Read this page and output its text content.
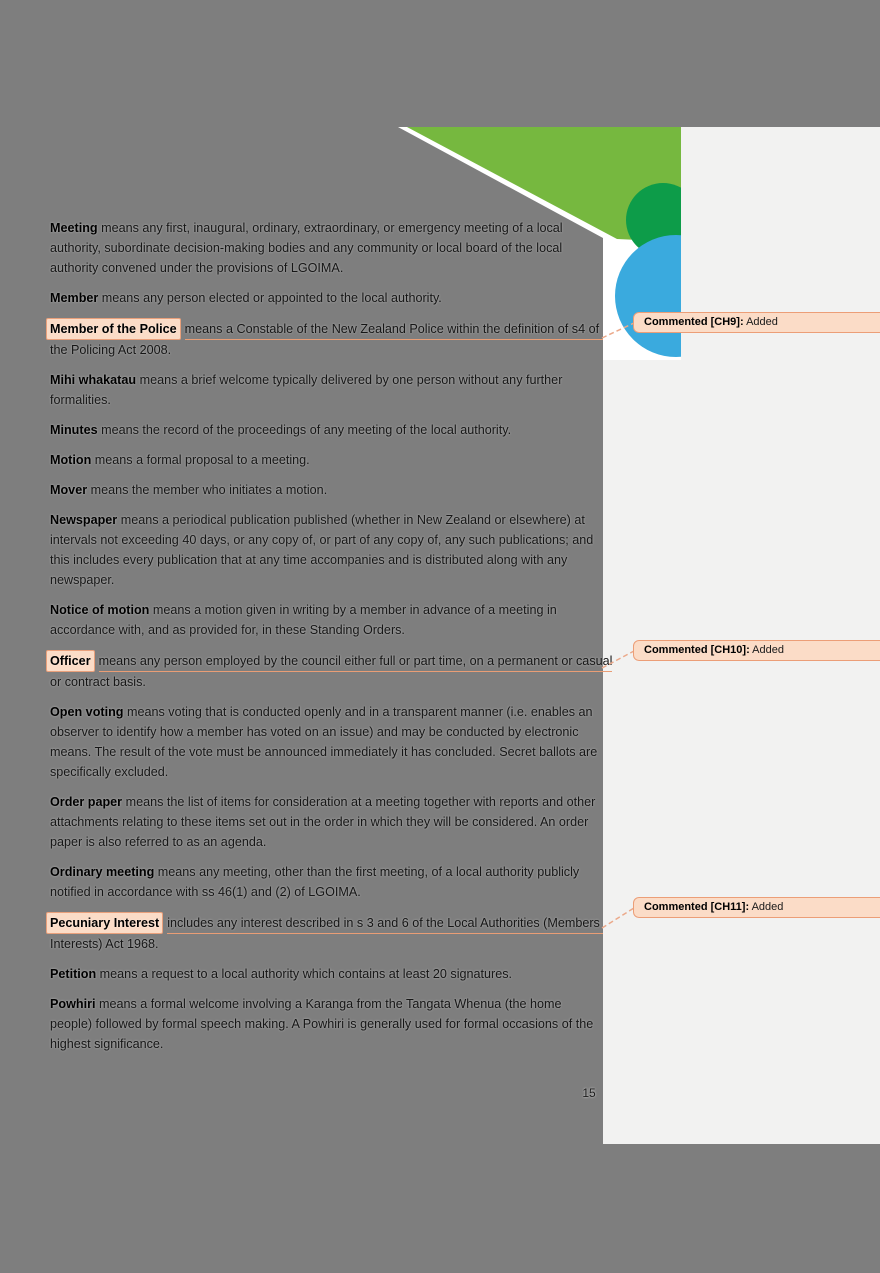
Meeting means any first, inaugural, ordinary, extraordinary, or emergency meeting of a local authority, subordinate decision-making bodies and any community or local board of the local authority convened under the provisions of LGOIMA.
Member means any person elected or appointed to the local authority.
Member of the Police means a Constable of the New Zealand Police within the definition of s4 of
the Policing Act 2008.
Mihi whakatau means a brief welcome typically delivered by one person without any further formalities.
Minutes means the record of the proceedings of any meeting of the local authority.
Motion means a formal proposal to a meeting.
Mover means the member who initiates a motion.
Newspaper means a periodical publication published (whether in New Zealand or elsewhere) at intervals not exceeding 40 days, or any copy of, or part of any copy of, any such publications; and this includes every publication that at any time accompanies and is distributed along with any newspaper.
Notice of motion means a motion given in writing by a member in advance of a meeting in accordance with, and as provided for, in these Standing Orders.
Officer means any person employed by the council either full or part time, on a permanent or casual
or contract basis.
Open voting means voting that is conducted openly and in a transparent manner (i.e. enables an observer to identify how a member has voted on an issue) and may be conducted by electronic means. The result of the vote must be announced immediately it has concluded. Secret ballots are specifically excluded.
Order paper means the list of items for consideration at a meeting together with reports and other attachments relating to these items set out in the order in which they will be considered. An order paper is also referred to as an agenda.
Ordinary meeting means any meeting, other than the first meeting, of a local authority publicly notified in accordance with ss 46(1) and (2) of LGOIMA.
Pecuniary Interest includes any interest described in s 3 and 6 of the Local Authorities (Members
Interests) Act 1968.
Petition means a request to a local authority which contains at least 20 signatures.
Powhiri means a formal welcome involving a Karanga from the Tangata Whenua (the home people) followed by formal speech making. A Powhiri is generally used for formal occasions of the highest significance.
Commented [CH9]: Added
Commented [CH10]: Added
Commented [CH11]: Added
15
